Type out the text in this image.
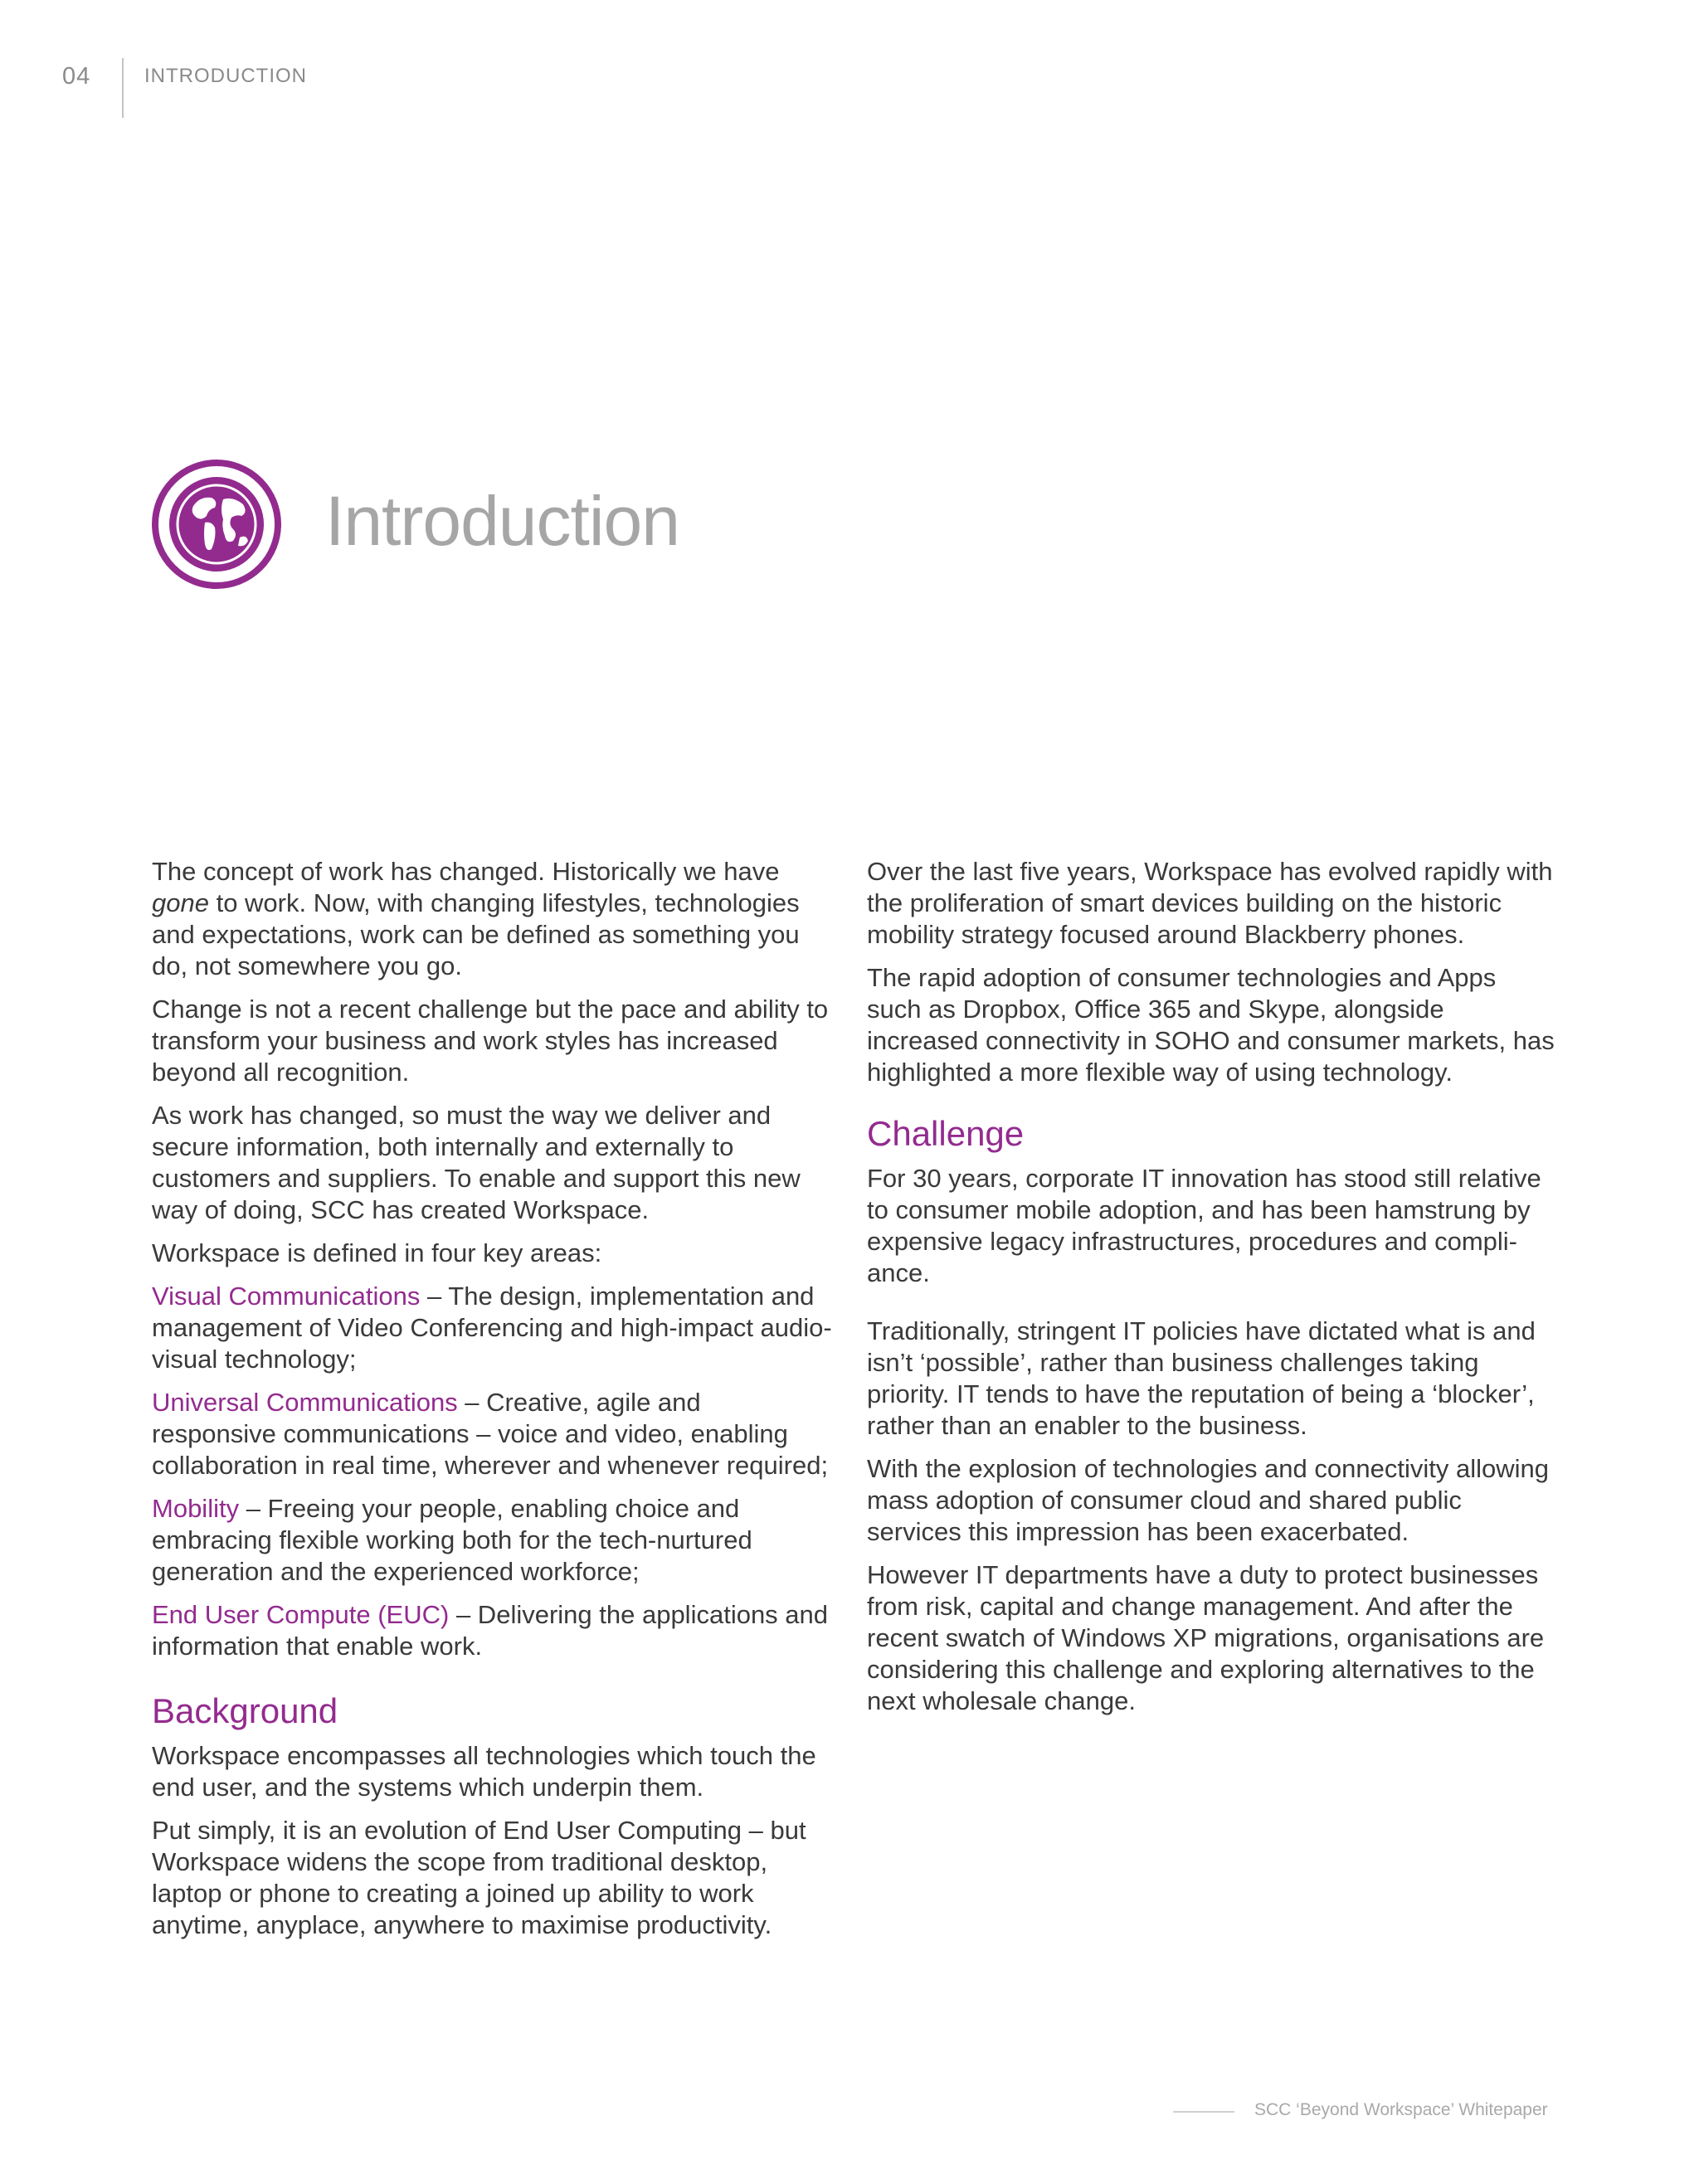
04	INTRODUCTION
Introduction

The concept of work has changed. Historically we have gone to work. Now, with changing lifestyles, technologies and expectations, work can be defined as something you do, not somewhere you go.

Change is not a recent challenge but the pace and ability to transform your business and work styles has increased beyond all recognition.

As work has changed, so must the way we deliver and secure information, both internally and externally to customers and suppliers. To enable and support this new way of doing, SCC has created Workspace.

Workspace is defined in four key areas:

Visual Communications – The design, implementation and management of Video Conferencing and high-impact audio-visual technology;

Universal Communications – Creative, agile and responsive communications – voice and video, enabling collaboration in real time, wherever and whenever required;

Mobility – Freeing your people, enabling choice and embracing flexible working both for the tech-nurtured generation and the experienced workforce;

End User Compute (EUC) – Delivering the applications and information that enable work.

Background

Workspace encompasses all technologies which touch the end user, and the systems which underpin them.

Put simply, it is an evolution of End User Computing – but Workspace widens the scope from traditional desktop, laptop or phone to creating a joined up ability to work anytime, anyplace, anywhere to maximise productivity.

Over the last five years, Workspace has evolved rapidly with the proliferation of smart devices building on the historic mobility strategy focused around Blackberry phones.

The rapid adoption of consumer technologies and Apps such as Dropbox, Office 365 and Skype, alongside increased connectivity in SOHO and consumer markets, has highlighted a more flexible way of using technology.

Challenge

For 30 years, corporate IT innovation has stood still relative to consumer mobile adoption, and has been hamstrung by expensive legacy infrastructures, procedures and compli-ance.

Traditionally, stringent IT policies have dictated what is and isn’t ‘possible’, rather than business challenges taking priority. IT tends to have the reputation of being a ‘blocker’, rather than an enabler to the business.

With the explosion of technologies and connectivity allowing mass adoption of consumer cloud and shared public services this impression has been exacerbated.

However IT departments have a duty to protect businesses from risk, capital and change management. And after the recent swatch of Windows XP migrations, organisations are considering this challenge and exploring alternatives to the next wholesale change.

SCC ‘Beyond Workspace’ Whitepaper
